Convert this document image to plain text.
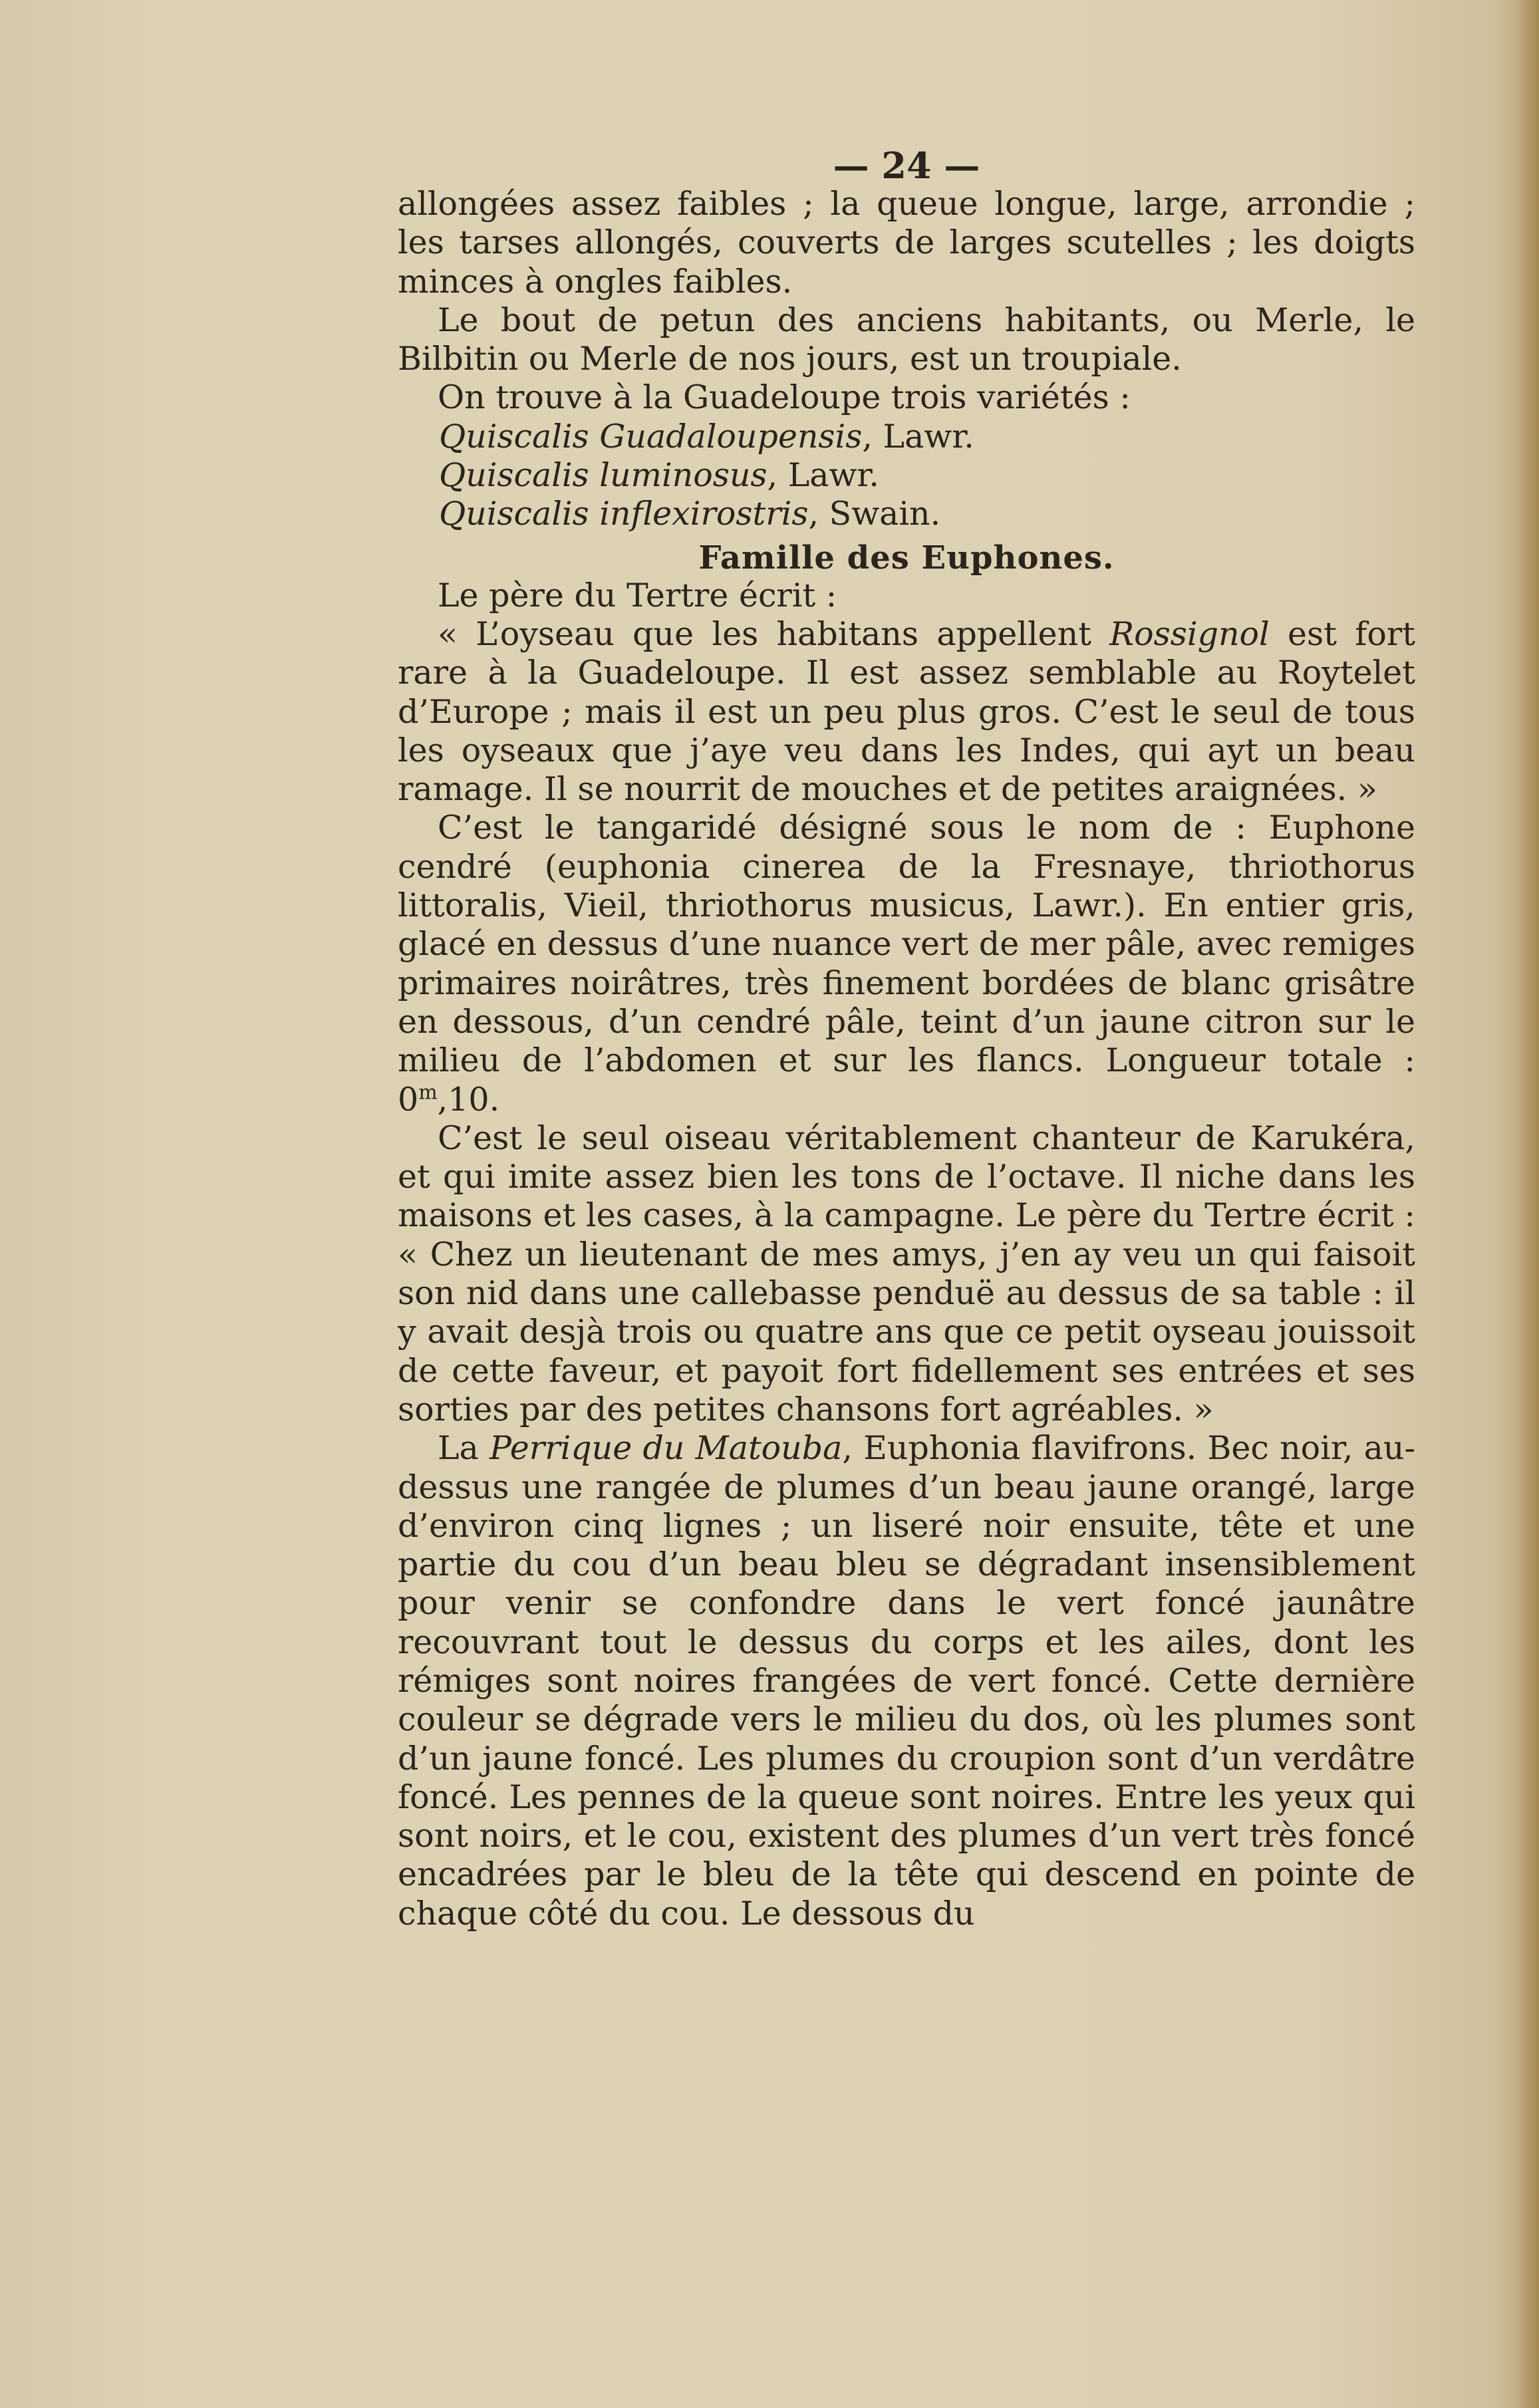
— 24 —

allongées assez faibles ; la queue longue, large, arrondie ; les tarses allongés, couverts de larges scutelles ; les doigts minces à ongles faibles.

Le bout de petun des anciens habitants, ou Merle, le Bilbitin ou Merle de nos jours, est un troupiale.

On trouve à la Guadeloupe trois variétés :

Quiscalis Guadaloupensis, Lawr.
Quiscalis luminosus, Lawr.
Quiscalis inflexirostris, Swain.
Famille des Euphones.

Le père du Tertre écrit :

« L’oyseau que les habitans appellent Rossignol est fort rare à la Guadeloupe. Il est assez semblable au Roytelet d’Europe ; mais il est un peu plus gros. C’est le seul de tous les oyseaux que j’aye veu dans les Indes, qui ayt un beau ramage. Il se nourrit de mouches et de petites araignées. »

C’est le tangaridé désigné sous le nom de : Euphone cendré (euphonia cinerea de la Fresnaye, thriothorus littoralis, Vieil, thriothorus musicus, Lawr.). En entier gris, glacé en dessus d’une nuance vert de mer pâle, avec remiges primaires noirâtres, très finement bordées de blanc grisâtre en dessous, d’un cendré pâle, teint d’un jaune citron sur le milieu de l’abdomen et sur les flancs. Longueur totale : 0$^m$,10.

C’est le seul oiseau véritablement chanteur de Karukéra, et qui imite assez bien les tons de l’octave. Il niche dans les maisons et les cases, à la campagne. Le père du Tertre écrit : « Chez un lieutenant de mes amys, j’en ay veu un qui faisoit son nid dans une callebasse penduë au dessus de sa table : il y avait desjà trois ou quatre ans que ce petit oyseau jouissoit de cette faveur, et payoit fort fidellement ses entrées et ses sorties par des petites chansons fort agréables. »

La Perrique du Matouba, Euphonia flavifrons. Bec noir, au-dessus une rangée de plumes d’un beau jaune orangé, large d’environ cinq lignes ; un liseré noir ensuite, tête et une partie du cou d’un beau bleu se dégradant insensiblement pour venir se confondre dans le vert foncé jaunâtre recouvrant tout le dessus du corps et les ailes, dont les rémiges sont noires frangées de vert foncé. Cette dernière couleur se dégrade vers le milieu du dos, où les plumes sont d’un jaune foncé. Les plumes du croupion sont d’un verdâtre foncé. Les pennes de la queue sont noires. Entre les yeux qui sont noirs, et le cou, existent des plumes d’un vert très foncé encadrées par le bleu de la tête qui descend en pointe de chaque côté du cou. Le dessous du
